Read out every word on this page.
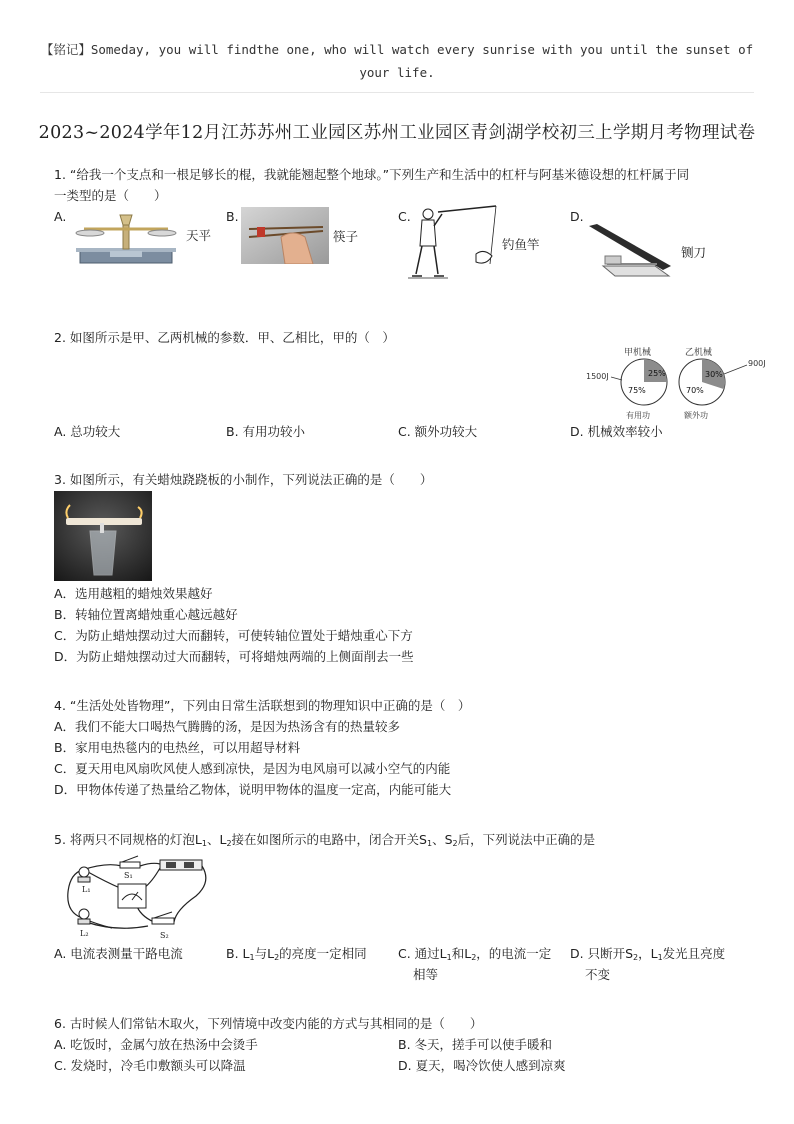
【铭记】Someday, you will findthe one, who will watch every sunrise with you until the sunset of
your life.
2023~2024学年12月江苏苏州工业园区苏州工业园区青剑湖学校初三上学期月考物理试卷
1. “给我一个支点和一根足够长的棍，我就能翘起整个地球。”下列生产和生活中的杠杆与阿基米德设想的杠杆属于同
一类型的是（　　）
A.
天平
B.
筷子
C.
钓鱼竿
D.
铡刀
2. 如图所示是甲、乙两机械的参数．甲、乙相比，甲的（　）
甲机械	乙机械
25%
75%
1500J
有用功
30%
70%
900J
额外功
A. 总功较大	B. 有用功较小	C. 额外功较大	D. 机械效率较小
3. 如图所示，有关蜡烛跷跷板的小制作，下列说法正确的是（　　）
A．选用越粗的蜡烛效果越好
B．转轴位置离蜡烛重心越远越好
C．为防止蜡烛摆动过大而翻转，可使转轴位置处于蜡烛重心下方
D．为防止蜡烛摆动过大而翻转，可将蜡烛两端的上侧面削去一些
4. “生活处处皆物理”，下列由日常生活联想到的物理知识中正确的是（　）
A．我们不能大口喝热气腾腾的汤，是因为热汤含有的热量较多
B．家用电热毯内的电热丝，可以用超导材料
C．夏天用电风扇吹风使人感到凉快，是因为电风扇可以减小空气的内能
D．甲物体传递了热量给乙物体，说明甲物体的温度一定高，内能可能大
5. 将两只不同规格的灯泡$L_1$、$L_2$接在如图所示的电路中，闭合开关$S_1$、$S_2$后，下列说法中正确的是
L₁
L₂
S₁
S₂
A. 电流表测量干路电流	B. $L_1$与$L_2$的亮度一定相同	C. 通过$L_1$和$L_2$，的电流一定
相等
D. 只断开$S_2$，$L_1$发光且亮度
不变
6. 古时候人们常钻木取火，下列情境中改变内能的方式与其相同的是（　　）
A. 吃饭时，金属勺放在热汤中会烫手	B. 冬天，搓手可以使手暖和
C. 发烧时，冷毛巾敷额头可以降温	D. 夏天，喝冷饮使人感到凉爽
